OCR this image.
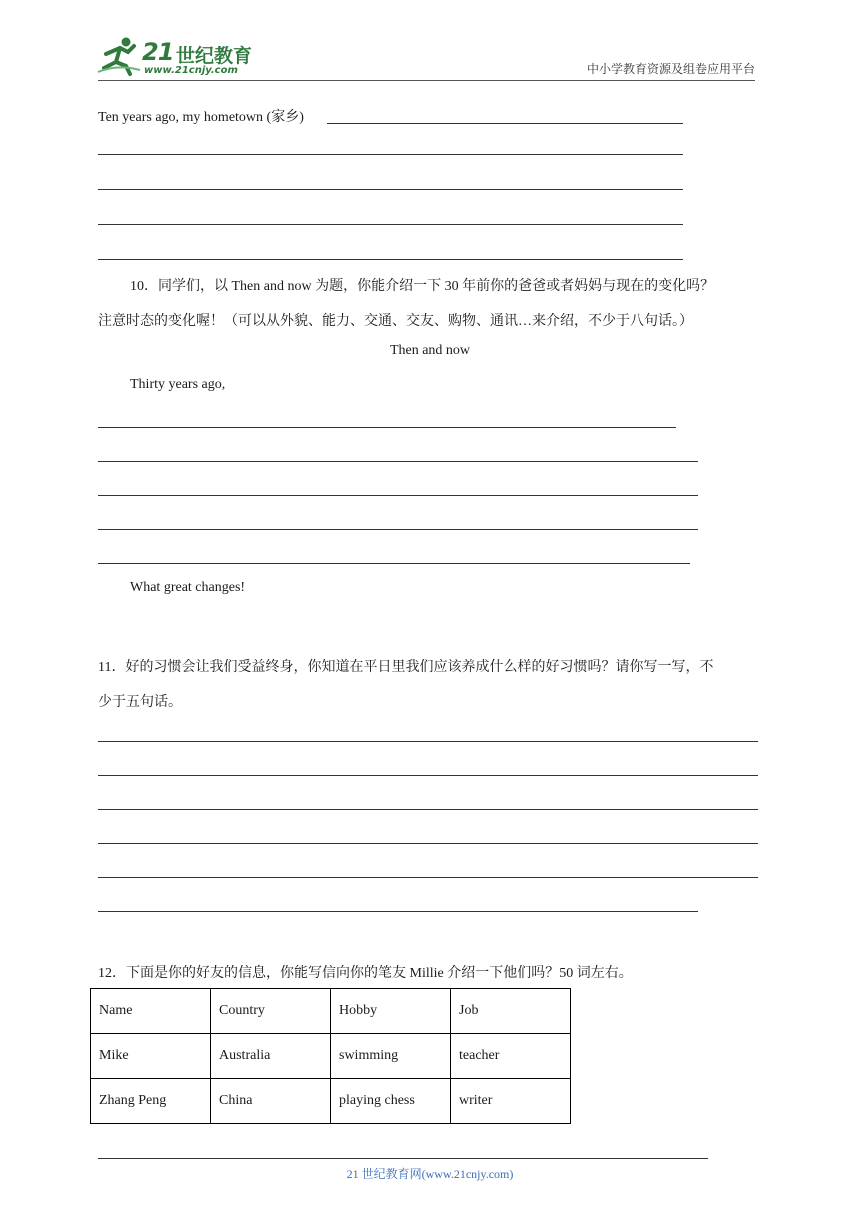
21 世纪教育
www.21cnjy.com	中小学教育资源及组卷应用平台
Ten years ago, my hometown (家乡)
10．同学们，以 Then and now 为题，你能介绍一下 30 年前你的爸爸或者妈妈与现在的变化吗？
注意时态的变化喔！（可以从外貌、能力、交通、交友、购物、通讯…来介绍，不少于八句话。）
Then and now
Thirty years ago,
What great changes!
11．好的习惯会让我们受益终身，你知道在平日里我们应该养成什么样的好习惯吗？请你写一写，不
少于五句话。
12．下面是你的好友的信息，你能写信向你的笔友 Millie 介绍一下他们吗？50 词左右。
Name	Country	Hobby	Job
Mike	Australia	swimming	teacher
Zhang Peng	China	playing chess	writer
21 世纪教育网(www.21cnjy.com)
